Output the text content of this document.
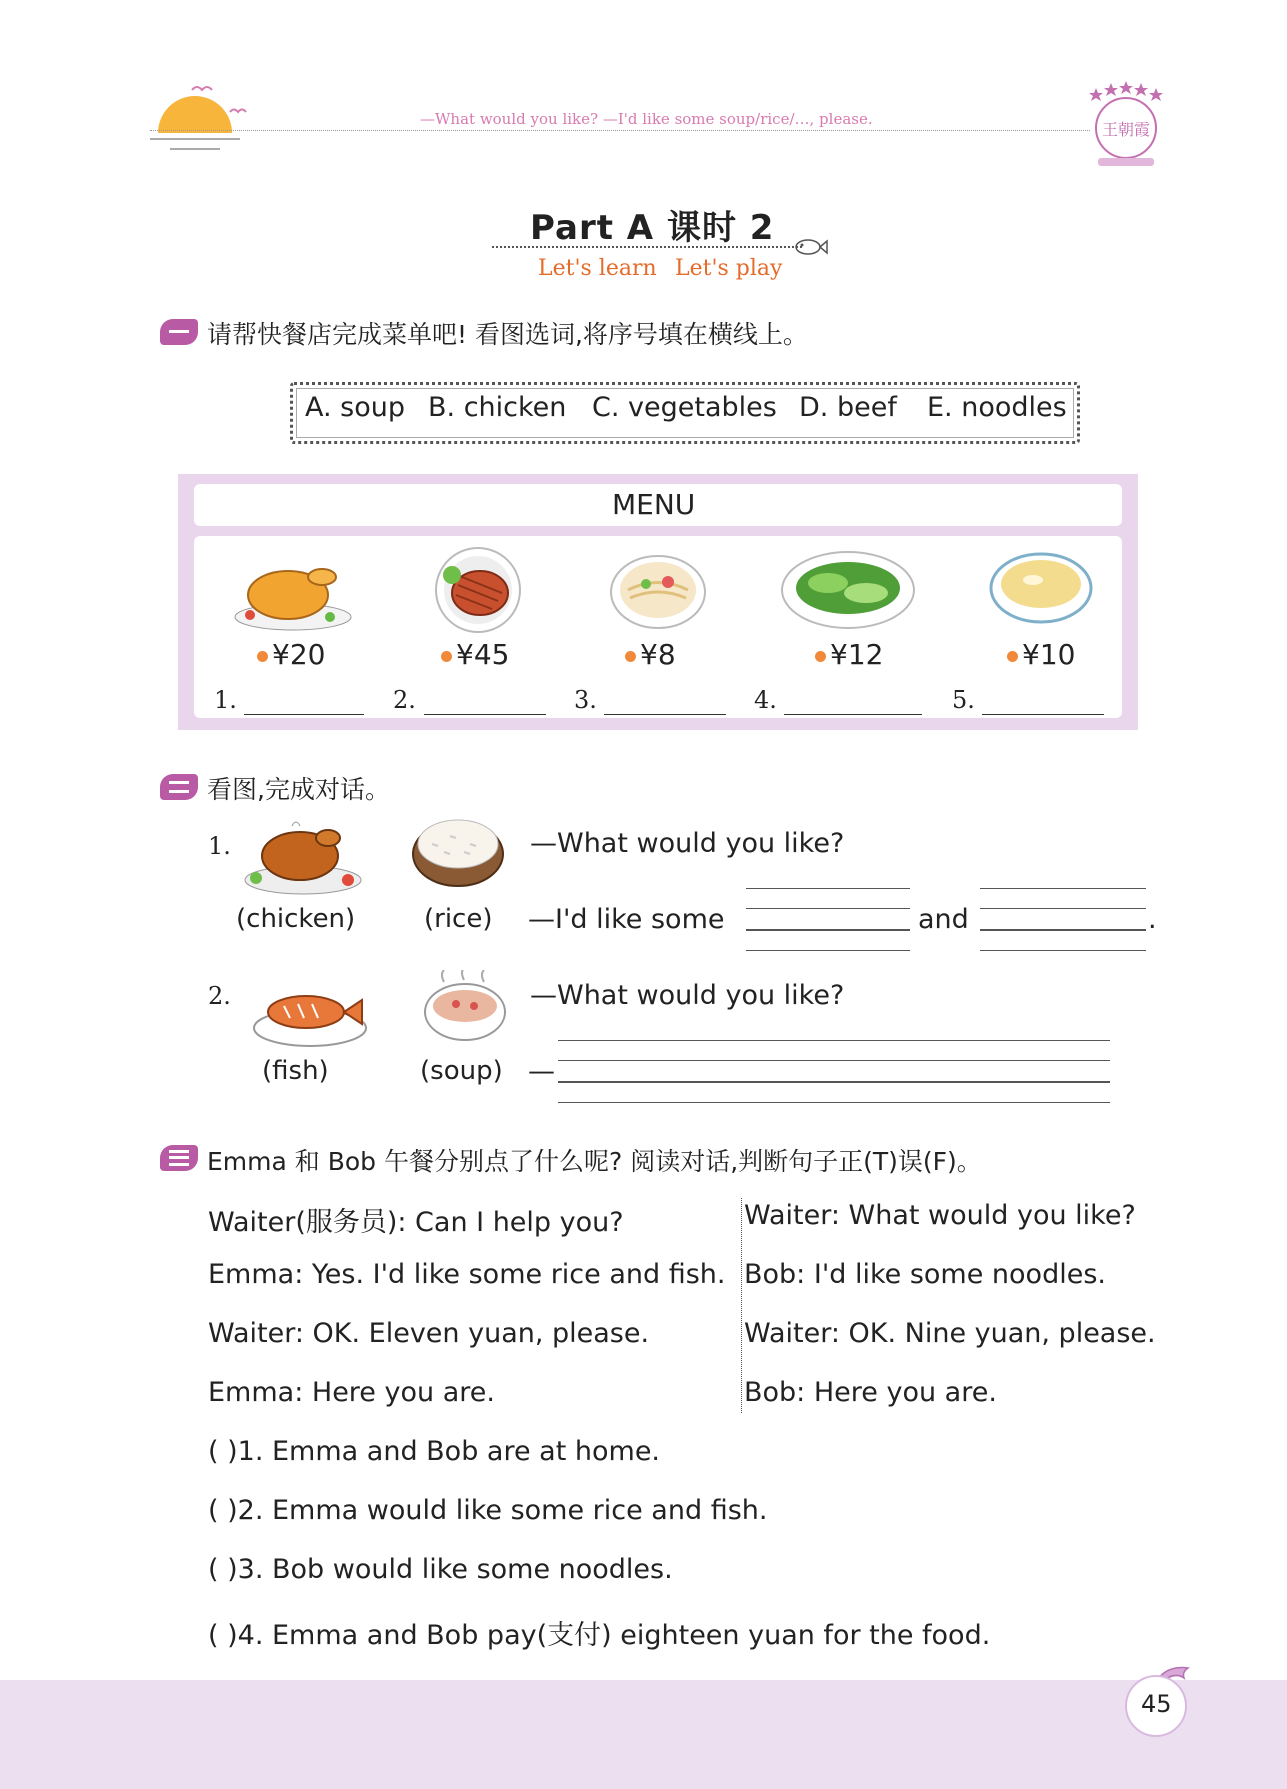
—What would you like? —I'd like some soup/rice/…, please.
王朝霞
Part A 课时 2
Let's learn Let's play
请帮快餐店完成菜单吧! 看图选词,将序号填在横线上。
A. soup B. chicken C. vegetables D. beef E. noodles
MENU
¥20	¥45	¥8	¥12	¥10
1.	2.	3.	4.	5.
看图,完成对话。
1.
(chicken)	(rice)
—What would you like?
—I'd like some	and	.
2.
(fish)	(soup)
—What would you like?
—
Emma 和 Bob 午餐分别点了什么呢? 阅读对话,判断句子正(T)误(F)。
Waiter(服务员): Can I help you?
Emma: Yes. I'd like some rice and fish.
Waiter: OK. Eleven yuan, please.
Emma: Here you are.
Waiter: What would you like?
Bob: I'd like some noodles.
Waiter: OK. Nine yuan, please.
Bob: Here you are.
( )1. Emma and Bob are at home.
( )2. Emma would like some rice and fish.
( )3. Bob would like some noodles.
( )4. Emma and Bob pay(支付) eighteen yuan for the food.
45
